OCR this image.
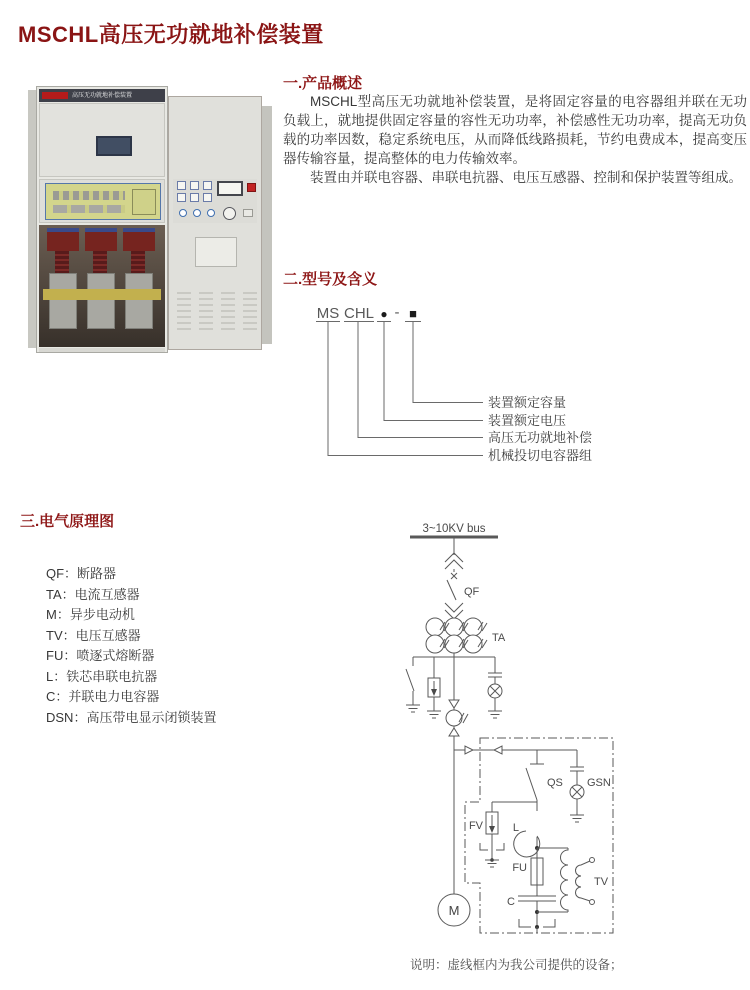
MSCHL高压无功就地补偿装置
高压无功就地补偿装置
一.产品概述

MSCHL型高压无功就地补偿装置，是将固定容量的电容器组并联在无功负载上，就地提供固定容量的容性无功功率，补偿感性无功功率，提高无功负载的功率因数，稳定系统电压，从而降低线路损耗，节约电费成本，提高变压器传输容量，提高整体的电力传输效率。

装置由并联电容器、串联电抗器、电压互感器、控制和保护装置等组成。

二.型号及含义
MS CHL ● - ■
装置额定容量
装置额定电压
高压无功就地补偿
机械投切电容器组
三.电气原理图
QF：断路器
TA：电流互感器
M：异步电动机
TV：电压互感器
FU：喷逐式熔断器
L：铁芯串联电抗器
C：并联电力电容器
DSN：高压带电显示闭锁装置
3~10KV bus
QF
TA
QS GSN
FV	L
FU
C
TV
M
说明：虚线框内为我公司提供的设备；
